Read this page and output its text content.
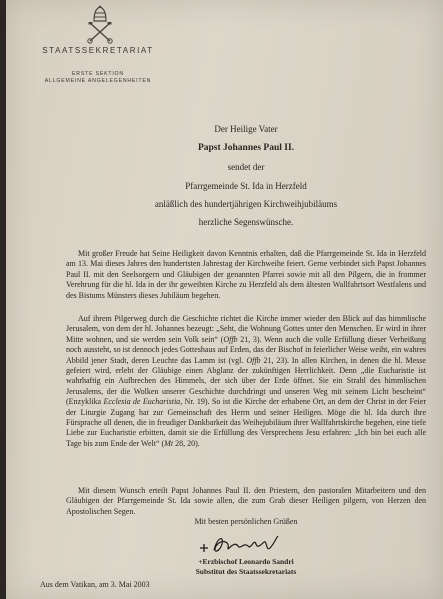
STAATSSEKRETARIAT
ERSTE SEKTION
ALLGEMEINE ANGELEGENHEITEN
Der Heilige Vater
Papst Johannes Paul II.
sendet der
Pfarrgemeinde St. Ida in Herzfeld
anläßlich des hundertjährigen Kirchweihjubiläums
herzliche Segenswünsche.

Mit großer Freude hat Seine Heiligkeit davon Kenntnis erhalten, daß die Pfarrgemeinde St. Ida in Herzfeld am 13. Mai dieses Jahres den hundertsten Jahrestag der Kirchweihe feiert. Gerne verbindet sich Papst Johannes Paul II. mit den Seelsorgern und Gläubigen der genannten Pfarrei sowie mit all den Pilgern, die in frommer Verehrung für die hl. Ida in der ihr geweihten Kirche zu Herzfeld als dem ältesten Wallfahrtsort Westfalens und des Bistums Münsters dieses Jubiläum begehen.

Auf ihrem Pilgerweg durch die Geschichte richtet die Kirche immer wieder den Blick auf das himmlische Jerusalem, von dem der hl. Johannes bezeugt: „Seht, die Wohnung Gottes unter den Menschen. Er wird in ihrer Mitte wohnen, und sie werden sein Volk sein“ (Offb 21, 3). Wenn auch die volle Erfüllung dieser Verheißung noch aussteht, so ist dennoch jedes Gotteshaus auf Erden, das der Bischof in feierlicher Weise weiht, ein wahres Abbild jener Stadt, deren Leuchte das Lamm ist (vgl. Offb 21, 23). In allen Kirchen, in denen die hl. Messe gefeiert wird, erlebt der Gläubige einen Abglanz der zukünftigen Herrlichkeit. Denn „die Eucharistie ist wahrhaftig ein Aufbrechen des Himmels, der sich über der Erde öffnet. Sie ein Strahl des himmlischen Jerusalems, der die Wolken unserer Geschichte durchdringt und unseren Weg mit seinem Licht bescheint“ (Enzyklika Ecclesia de Eucharistia, Nr. 19). So ist die Kirche der erhabene Ort, an dem der Christ in der Feier der Liturgie Zugang hat zur Gemeinschaft des Herrn und seiner Heiligen. Möge die hl. Ida durch ihre Fürsprache all denen, die in freudiger Dankbarkeit das Weihejubiläum ihrer Wallfahrtskirche begehen, eine tiefe Liebe zur Eucharistie erbitten, damit sie die Erfüllung des Versprechens Jesu erfahren: „Ich bin bei euch alle Tage bis zum Ende der Welt“ (Mt 28, 20).

Mit diesem Wunsch erteilt Papst Johannes Paul II. den Priestern, den pastoralen Mitarbeitern und den Gläubigen der Pfarrgemeinde St. Ida sowie allen, die zum Grab dieser Heiligen pilgern, von Herzen den Apostolischen Segen.

Mit besten persönlichen Grüßen
+Erzbischof Leonardo Sandri
Substitut des Staatssekretariats
Aus dem Vatikan, am 3. Mai 2003
